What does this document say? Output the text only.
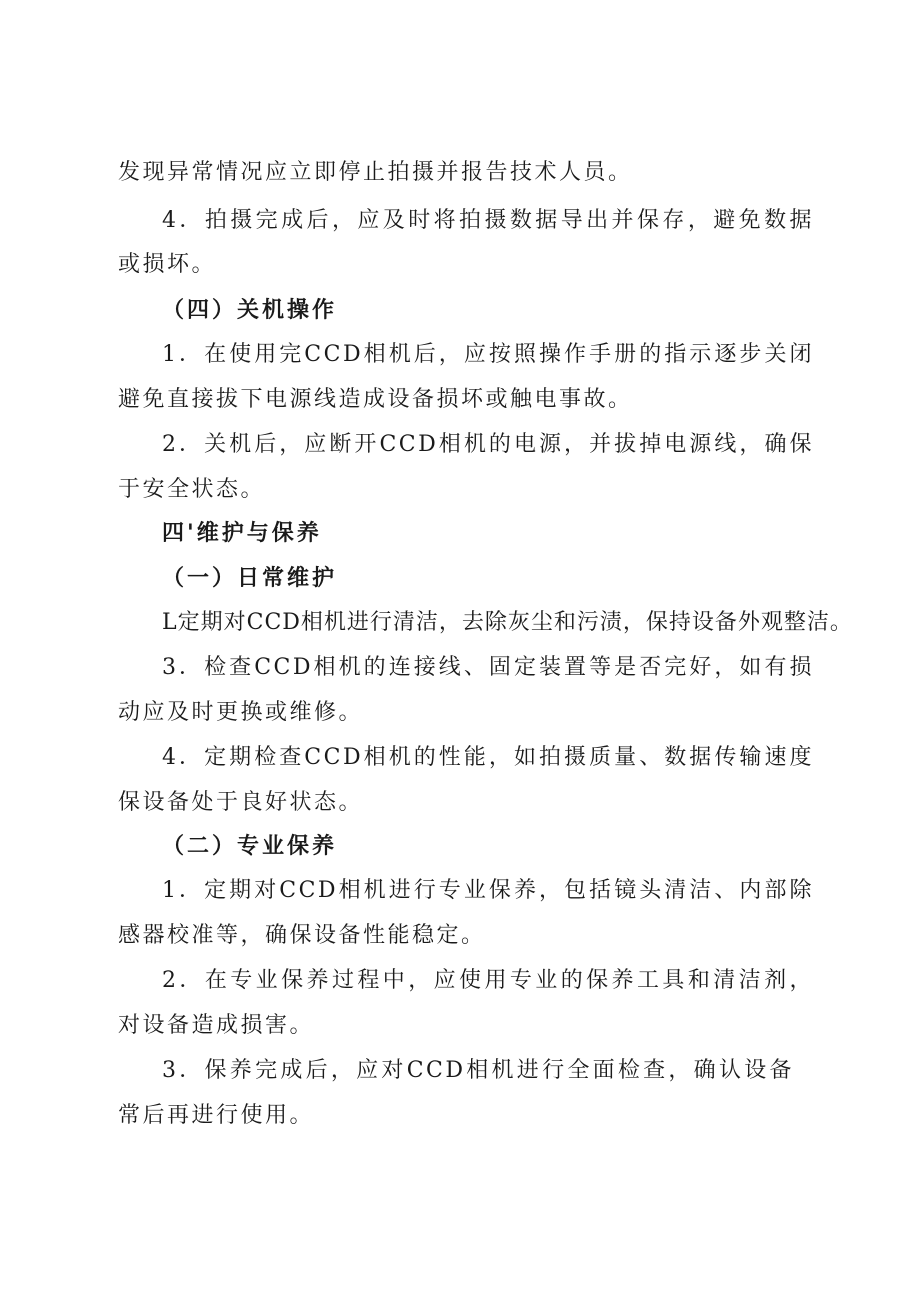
发现异常情况应立即停止拍摄并报告技术人员。
4．拍摄完成后，应及时将拍摄数据导出并保存，避免数据
或损坏。
（四）关机操作
1．在使用完CCD相机后，应按照操作手册的指示逐步关闭
避免直接拔下电源线造成设备损坏或触电事故。
2．关机后，应断开CCD相机的电源，并拔掉电源线，确保
于安全状态。
四'维护与保养
（一）日常维护
L定期对CCD相机进行清洁，去除灰尘和污渍，保持设备外观整洁。
3．检查CCD相机的连接线、固定装置等是否完好，如有损
动应及时更换或维修。
4．定期检查CCD相机的性能，如拍摄质量、数据传输速度
保设备处于良好状态。
（二）专业保养
1．定期对CCD相机进行专业保养，包括镜头清洁、内部除
感器校准等，确保设备性能稳定。
2．在专业保养过程中，应使用专业的保养工具和清洁剂，
对设备造成损害。
3．保养完成后，应对CCD相机进行全面检查，确认设备
常后再进行使用。
